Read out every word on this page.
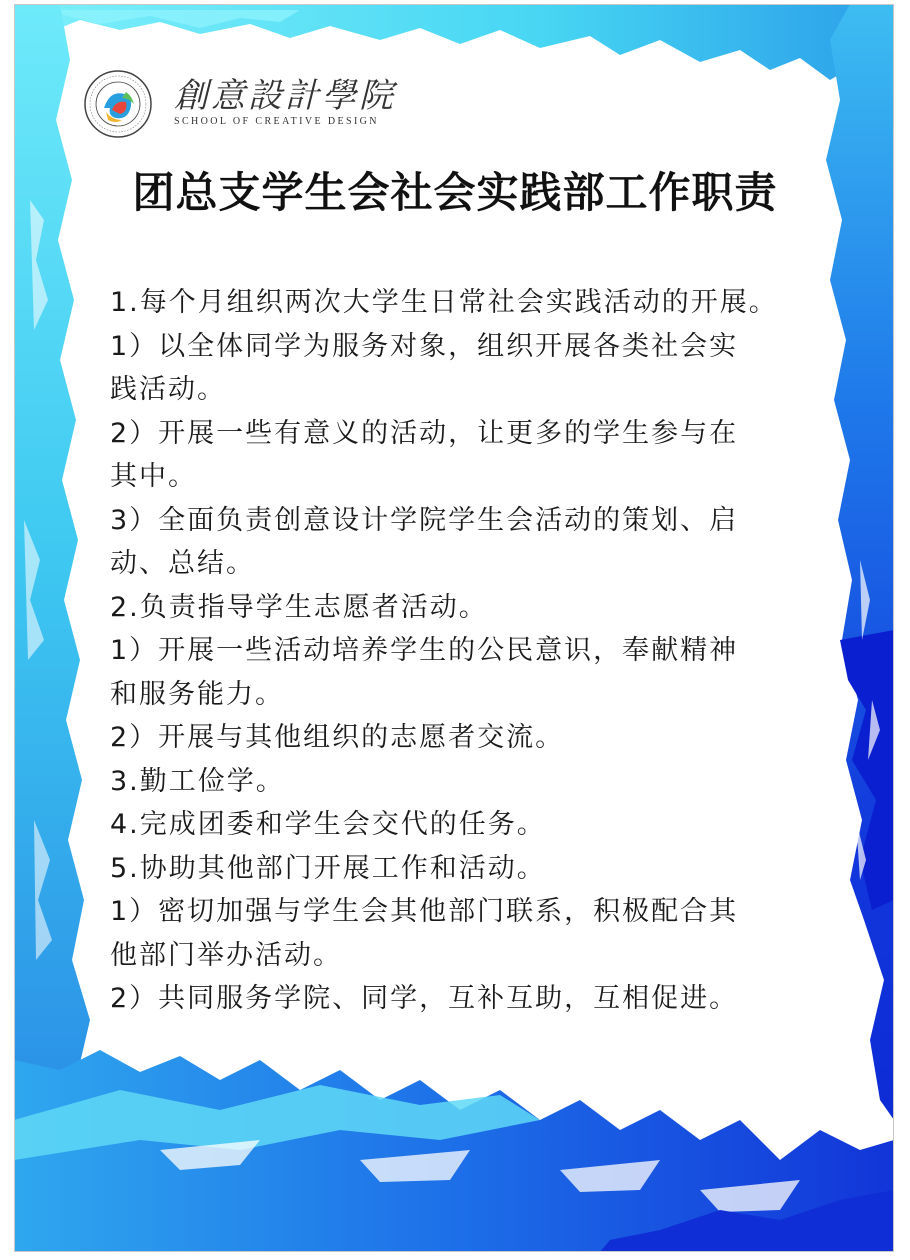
創意設計學院
SCHOOL OF CREATIVE DESIGN
团总支学生会社会实践部工作职责
1.每个月组织两次大学生日常社会实践活动的开展。
1）以全体同学为服务对象，组织开展各类社会实
践活动。
2）开展一些有意义的活动，让更多的学生参与在
其中。
3）全面负责创意设计学院学生会活动的策划、启
动、总结。
2.负责指导学生志愿者活动。
1）开展一些活动培养学生的公民意识，奉献精神
和服务能力。
2）开展与其他组织的志愿者交流。
3.勤工俭学。
4.完成团委和学生会交代的任务。
5.协助其他部门开展工作和活动。
1）密切加强与学生会其他部门联系，积极配合其
他部门举办活动。
2）共同服务学院、同学，互补互助，互相促进。
